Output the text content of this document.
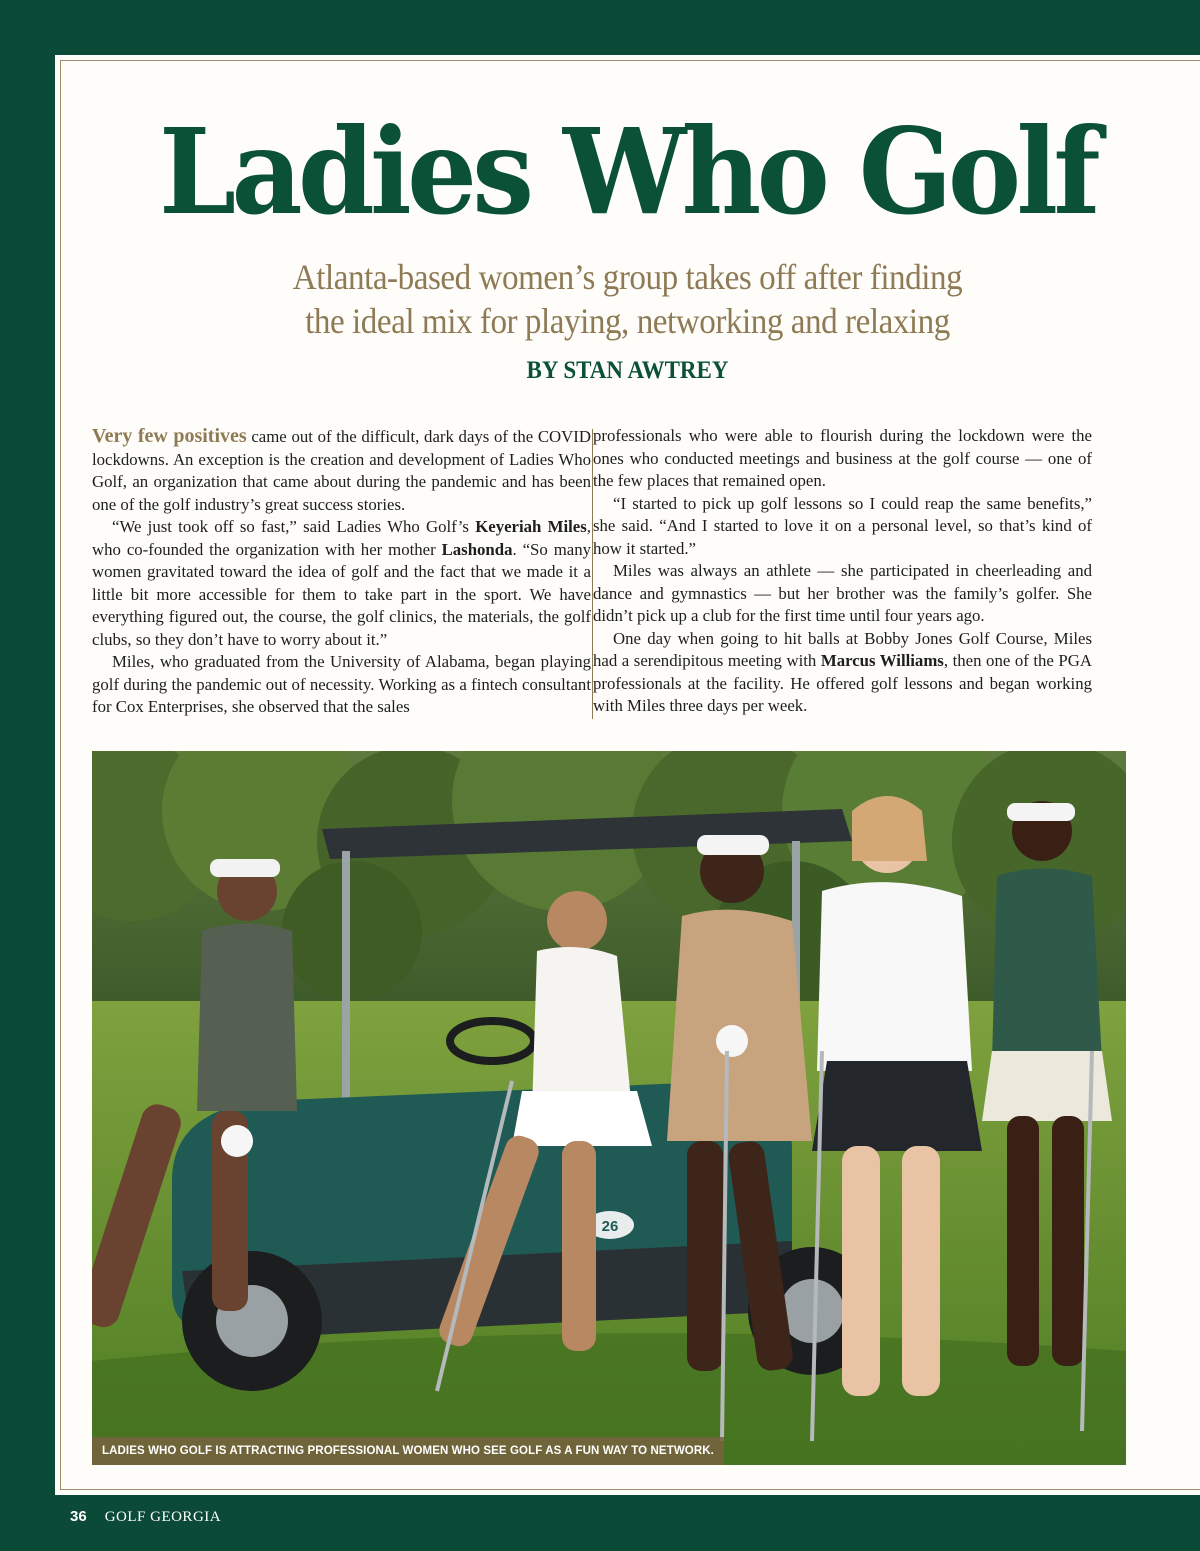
Ladies Who Golf
Atlanta-based women’s group takes off after finding
the ideal mix for playing, networking and relaxing
BY STAN AWTREY

Very few positives came out of the difficult, dark days of the COVID lockdowns. An exception is the creation and development of Ladies Who Golf, an organization that came about during the pandemic and has been one of the golf industry’s great success stories.

“We just took off so fast,” said Ladies Who Golf’s Keyeriah Miles, who co-founded the organization with her mother Lashonda. “So many women gravitated toward the idea of golf and the fact that we made it a little bit more accessible for them to take part in the sport. We have everything figured out, the course, the golf clinics, the materials, the golf clubs, so they don’t have to worry about it.”

Miles, who graduated from the University of Alabama, began playing golf during the pandemic out of necessity. Working as a fintech consultant for Cox Enterprises, she observed that the sales

professionals who were able to flourish during the lockdown were the ones who conducted meetings and business at the golf course — one of the few places that remained open.

“I started to pick up golf lessons so I could reap the same benefits,” she said. “And I started to love it on a personal level, so that’s kind of how it started.”

Miles was always an athlete — she participated in cheerleading and dance and gymnastics — but her brother was the family’s golfer. She didn’t pick up a club for the first time until four years ago.

One day when going to hit balls at Bobby Jones Golf Course, Miles had a serendipitous meeting with Marcus Williams, then one of the PGA professionals at the facility. He offered golf lessons and began working with Miles three days per week.

26
LADIES WHO GOLF IS ATTRACTING PROFESSIONAL WOMEN WHO SEE GOLF AS A FUN WAY TO NETWORK.
36 GOLF GEORGIA
